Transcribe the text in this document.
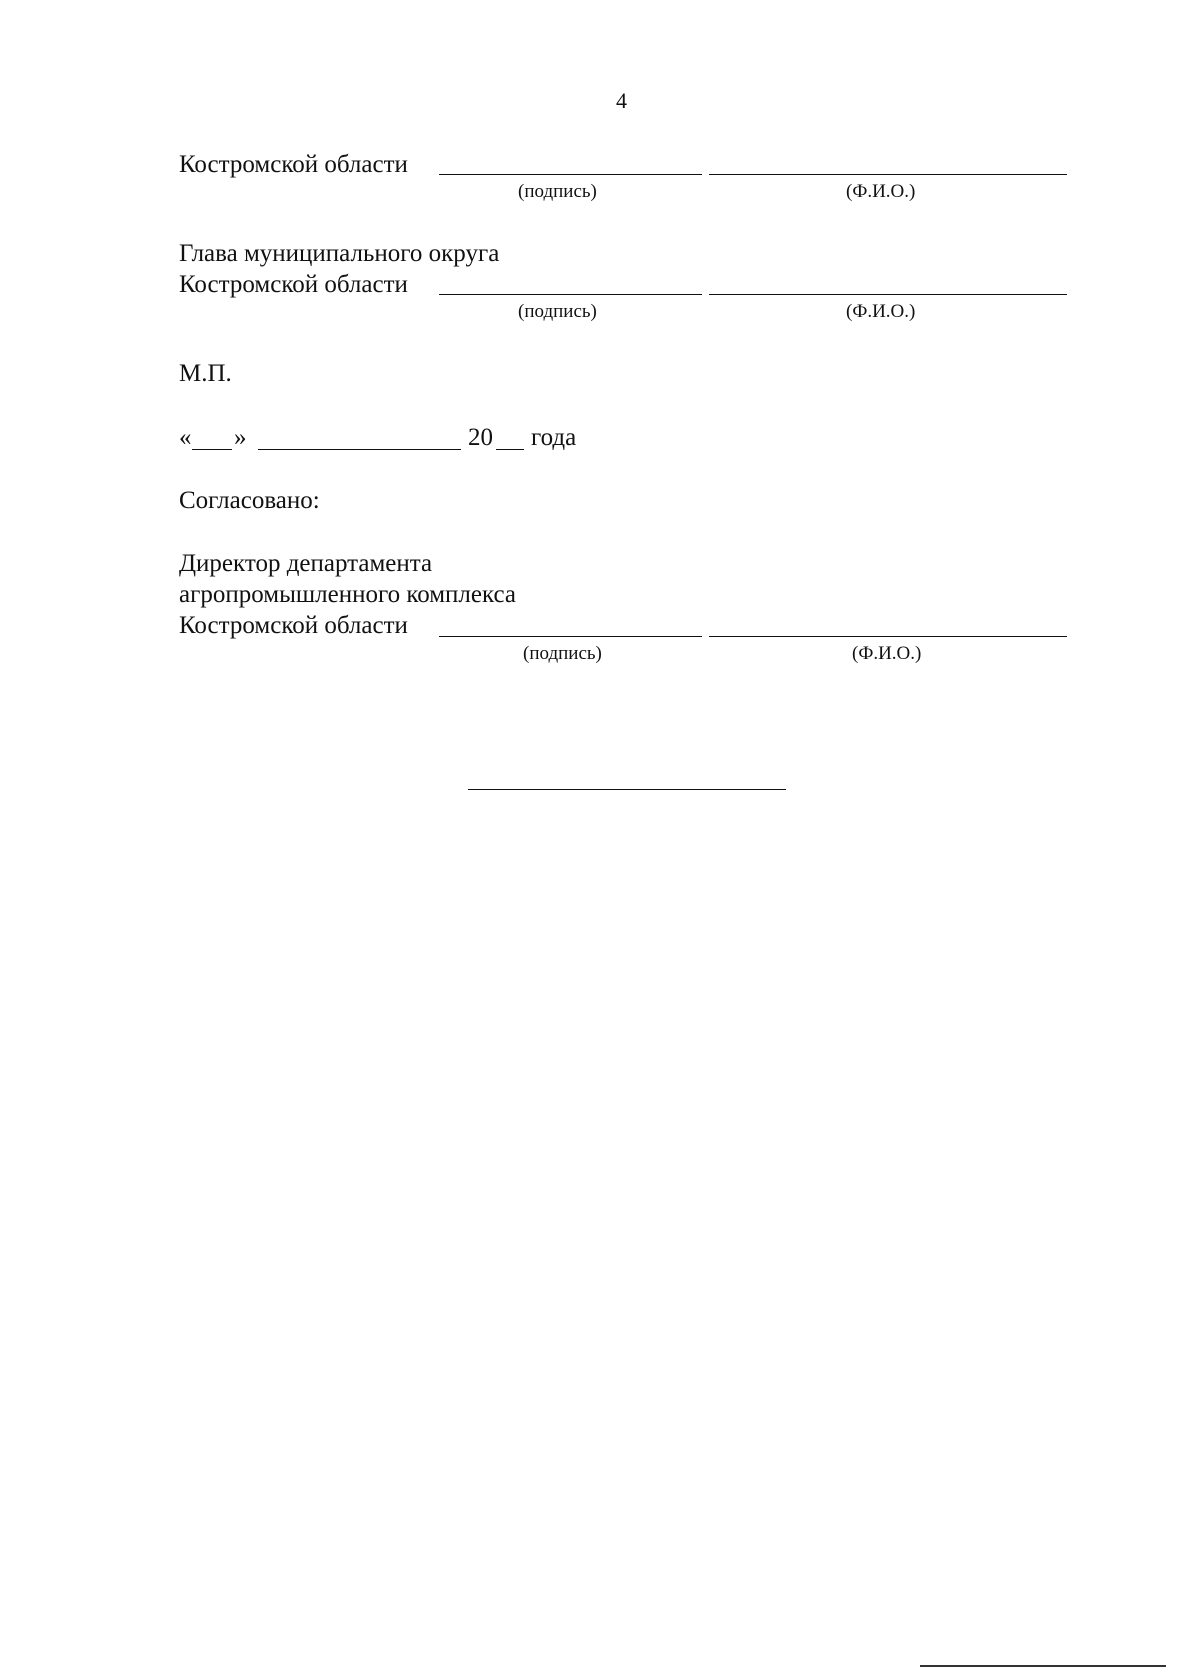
4
Костромской области
(подпись)	(Ф.И.О.)
Глава муниципального округа
Костромской области
(подпись)	(Ф.И.О.)
М.П.
« »	20 года
Согласовано:
Директор департамента
агропромышленного комплекса
Костромской области
(подпись)	(Ф.И.О.)
